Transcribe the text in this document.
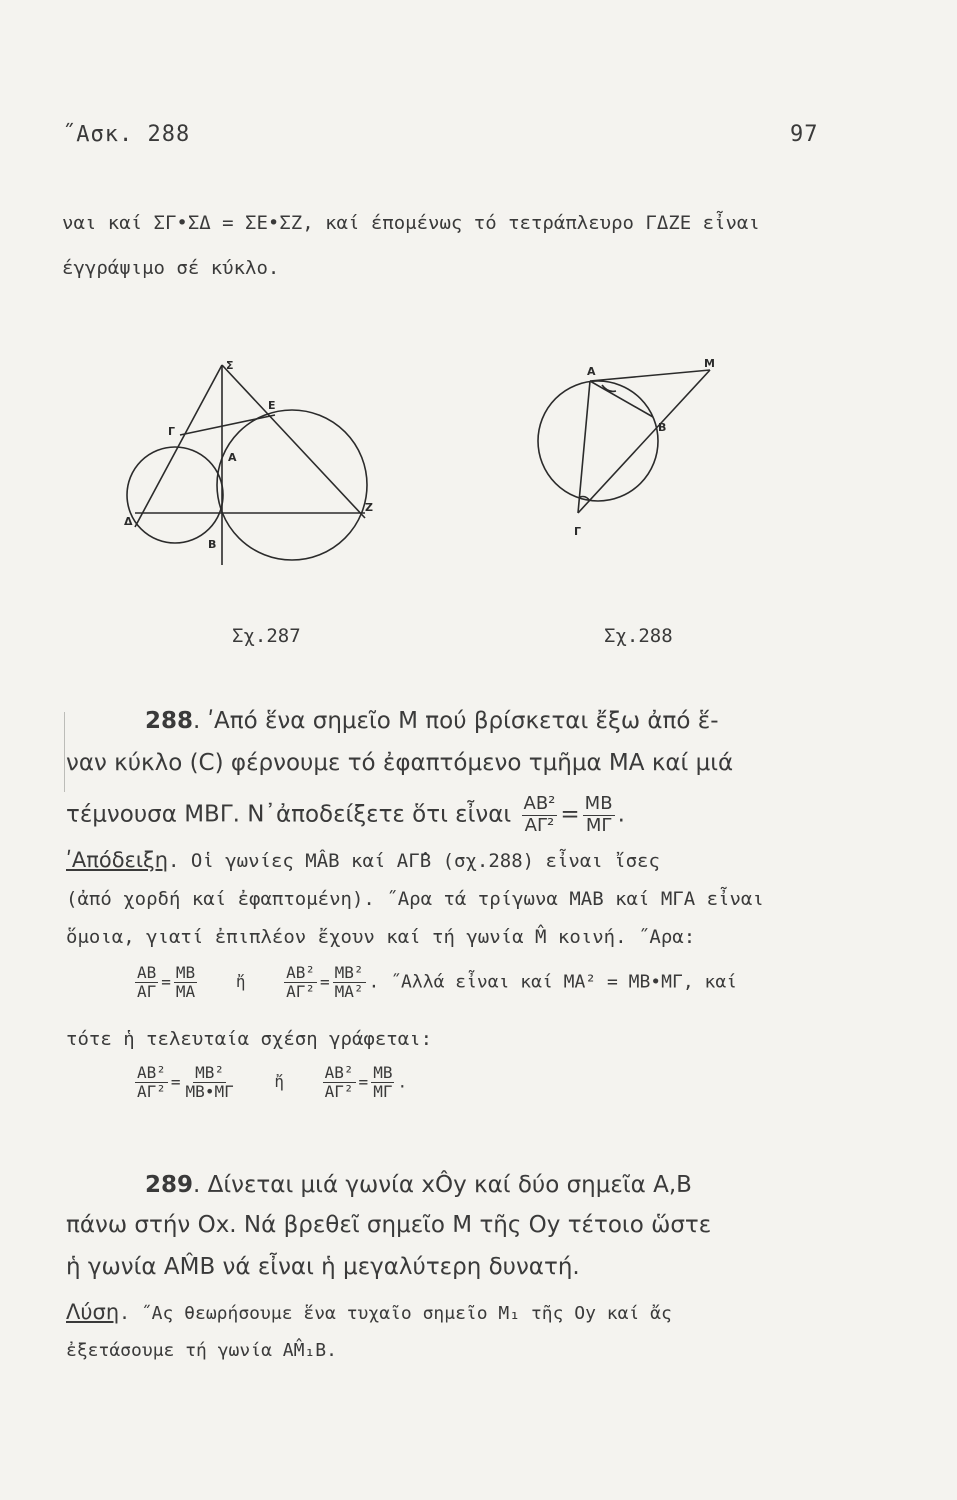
˝Ασκ. 288	97
ναι καί ΣΓ•ΣΔ = ΣΕ•ΣΖ, καί έπομένως τό τετράπλευρο ΓΔΖΕ εἶναι
έγγράψιμο σέ κύκλο.
Σ
Ε
Γ
Α
Δ
Β
Ζ
Α
Μ
Β
Γ
Σχ.287	Σχ.288
288. ʹΑπό ἕνα σημεῖο Μ πού βρίσκεται ἔξω ἀπό ἕ-
ναν κύκλο (C) φέρνουμε τό ἐφαπτόμενο τμῆμα ΜΑ καί μιά
τέμνουσα ΜΒΓ. Ν᾿ἀποδείξετε ὅτι εἶναι $\frac{\text{ΑΒ²}}{\text{ΑΓ²}} = \frac{MB}{M\Gamma}$ .
ʹΑπόδειξη. Οἱ γωνίες ΜÂΒ καί ΑΓ̂Β (σχ.288) εἶναι ἴσες
(ἀπό χορδή καί ἐφαπτομένη). ˝Αρα τά τρίγωνα ΜΑΒ καί ΜΓΑ εἶναι
ὅμοια, γιατί ἐπιπλέον ἔχουν καί τή γωνία M̂ κοινή. ˝Αρα:
$\frac{AB}{A\Gamma} = \frac{MB}{MA}$ ἤ $\frac{\text{ΑΒ²}}{\text{ΑΓ²}} = \frac{\text{ΜΒ²}}{\text{ΜΑ²}}$ . ˝Αλλά εἶναι καί ΜΑ² = ΜΒ•ΜΓ, καί
τότε ἡ τελευταία σχέση γράφεται:
$\frac{\text{ΑΒ²}}{\text{ΑΓ²}} = \frac{\text{ΜΒ²}}{MB•M\Gamma}$ ἤ $\frac{\text{ΑΒ²}}{\text{ΑΓ²}} = \frac{MB}{M\Gamma}$ .
289. Δίνεται μιά γωνία xÔy καί δύο σημεῖα Α,Β
πάνω στήν Οx. Νά βρεθεῖ σημεῖο Μ τῆς Οy τέτοιο ὥστε
ἡ γωνία ΑM̂Β νά εἶναι ἡ μεγαλύτερη δυνατή.
Λύση. ˝Ας θεωρήσουμε ἕνα τυχαῖο σημεῖο Μ₁ τῆς Οy καί ἄς
ἐξετάσουμε τή γωνία ΑM̂₁Β.
